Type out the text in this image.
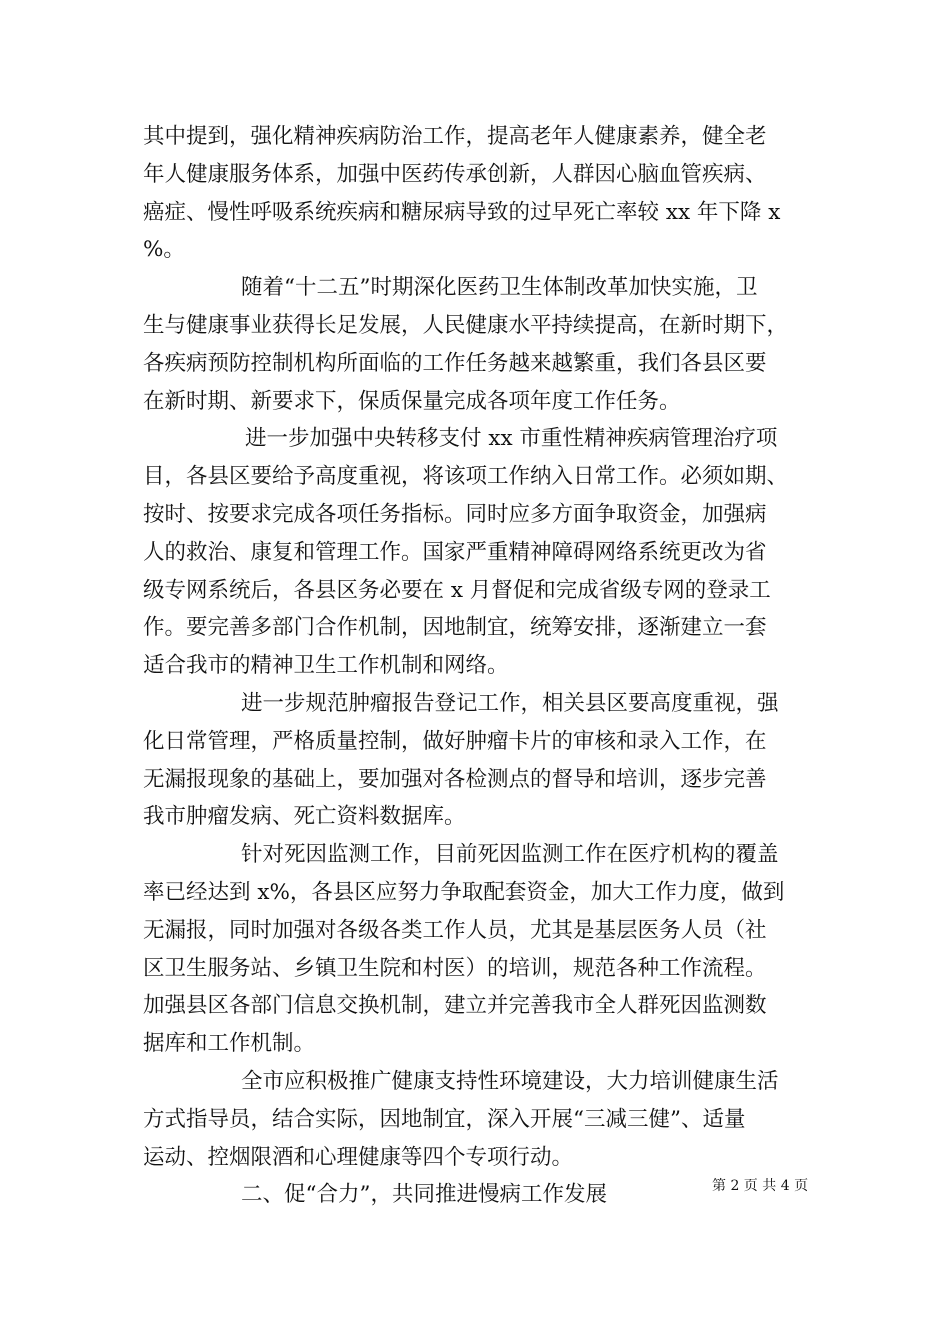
其中提到，强化精神疾病防治工作，提高老年人健康素养，健全老
年人健康服务体系，加强中医药传承创新，人群因心脑血管疾病、
癌症、慢性呼吸系统疾病和糖尿病导致的过早死亡率较 xx 年下降 x
%。
随着“十二五”时期深化医药卫生体制改革加快实施，卫
生与健康事业获得长足发展，人民健康水平持续提高，在新时期下，
各疾病预防控制机构所面临的工作任务越来越繁重，我们各县区要
在新时期、新要求下，保质保量完成各项年度工作任务。
进一步加强中央转移支付 xx 市重性精神疾病管理治疗项
目，各县区要给予高度重视，将该项工作纳入日常工作。必须如期、
按时、按要求完成各项任务指标。同时应多方面争取资金，加强病
人的救治、康复和管理工作。国家严重精神障碍网络系统更改为省
级专网系统后，各县区务必要在 x 月督促和完成省级专网的登录工
作。要完善多部门合作机制，因地制宜，统筹安排，逐渐建立一套
适合我市的精神卫生工作机制和网络。
进一步规范肿瘤报告登记工作，相关县区要高度重视，强
化日常管理，严格质量控制，做好肿瘤卡片的审核和录入工作，在
无漏报现象的基础上，要加强对各检测点的督导和培训，逐步完善
我市肿瘤发病、死亡资料数据库。
针对死因监测工作，目前死因监测工作在医疗机构的覆盖
率已经达到 x%，各县区应努力争取配套资金，加大工作力度，做到
无漏报，同时加强对各级各类工作人员，尤其是基层医务人员（社
区卫生服务站、乡镇卫生院和村医）的培训，规范各种工作流程。
加强县区各部门信息交换机制，建立并完善我市全人群死因监测数
据库和工作机制。
全市应积极推广健康支持性环境建设，大力培训健康生活
方式指导员，结合实际，因地制宜，深入开展“三减三健”、适量
运动、控烟限酒和心理健康等四个专项行动。
二、促“合力”，共同推进慢病工作发展	第 2 页 共 4 页
